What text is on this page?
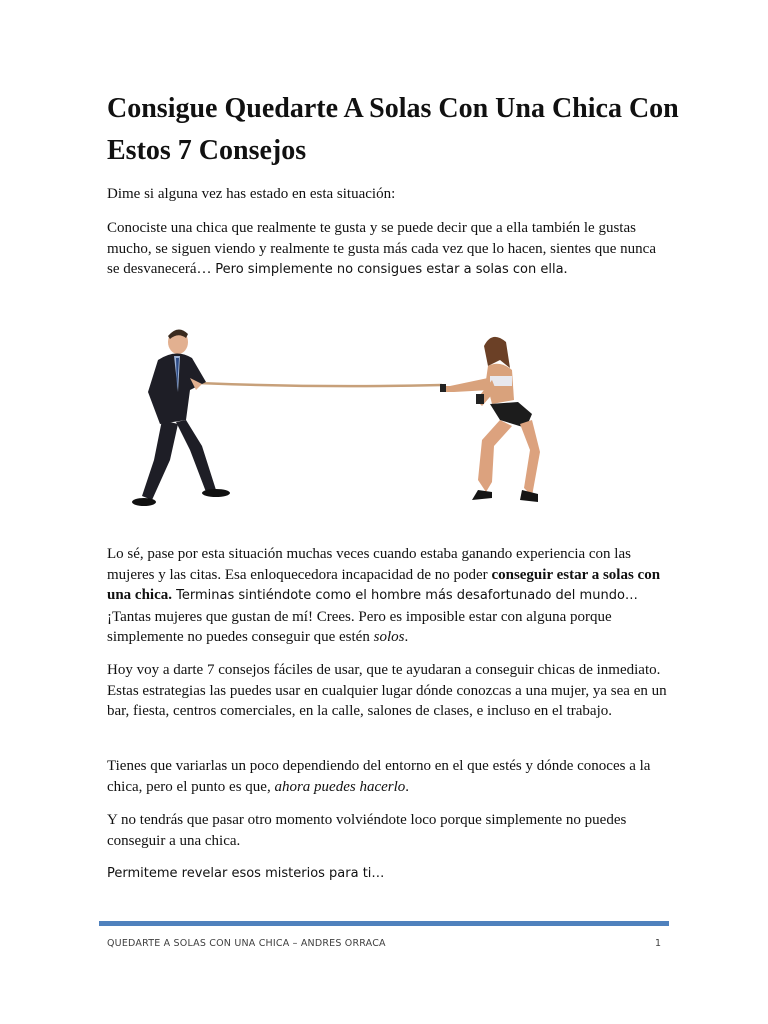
Consigue Quedarte A Solas Con Una Chica Con Estos 7 Consejos

Dime si alguna vez has estado en esta situación:

Conociste una chica que realmente te gusta y se puede decir que a ella también le gustas mucho, se siguen viendo y realmente te gusta más cada vez que lo hacen, sientes que nunca se desvanecerá… Pero simplemente no consigues estar a solas con ella.

Lo sé, pase por esta situación muchas veces cuando estaba ganando experiencia con las mujeres y las citas. Esa enloquecedora incapacidad de no poder conseguir estar a solas con una chica. Terminas sintiéndote como el hombre más desafortunado del mundo… ¡Tantas mujeres que gustan de mí! Crees. Pero es imposible estar con alguna porque simplemente no puedes conseguir que estén solos.

Hoy voy a darte 7 consejos fáciles de usar, que te ayudaran a conseguir chicas de inmediato. Estas estrategias las puedes usar en cualquier lugar dónde conozcas a una mujer, ya sea en un bar, fiesta, centros comerciales, en la calle, salones de clases, e incluso en el trabajo.

Tienes que variarlas un poco dependiendo del entorno en el que estés y dónde conoces a la chica, pero el punto es que, ahora puedes hacerlo.

Y no tendrás que pasar otro momento volviéndote loco porque simplemente no puedes conseguir a una chica.

Permiteme revelar esos misterios para ti…

QUEDARTE A SOLAS CON UNA CHICA – ANDRES ORRACA	1
